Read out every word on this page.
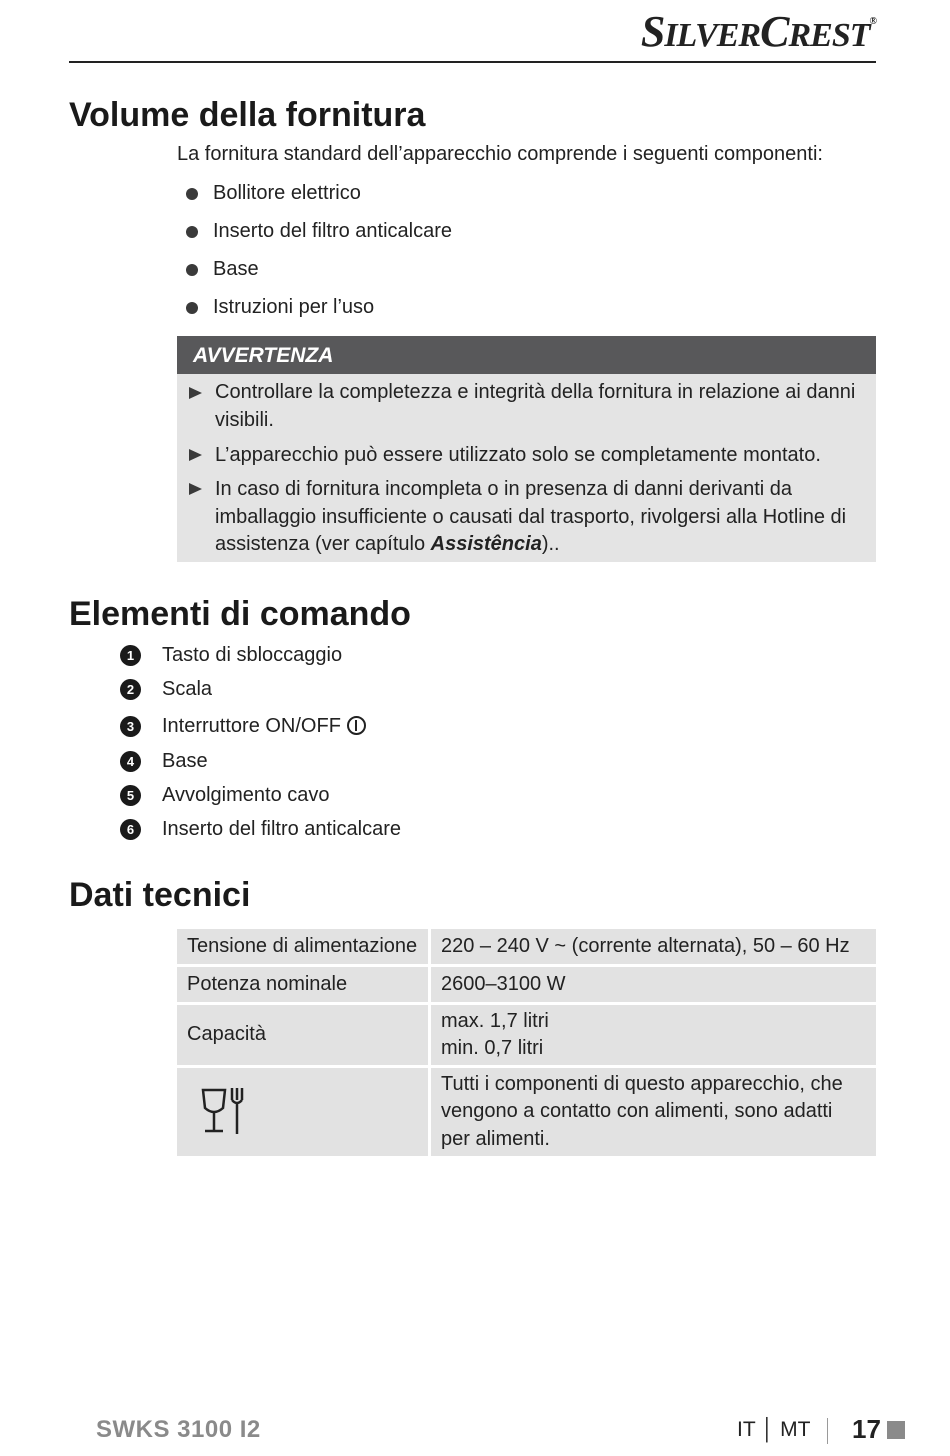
SILVERCREST®
Volume della fornitura
La fornitura standard dell’apparecchio comprende i seguenti componenti:
Bollitore elettrico
Inserto del filtro anticalcare
Base
Istruzioni per l’uso
AVVERTENZA
Controllare la completezza e integrità della fornitura in relazione ai danni visibili.
L’apparecchio può essere utilizzato solo se completamente montato.
In caso di fornitura incompleta o in presenza di danni derivanti da imballaggio insufficiente o causati dal trasporto, rivolgersi alla Hotline di assistenza (ver capítulo Assistência)..
Elementi di comando
1	Tasto di sbloccaggio
2	Scala
3	Interruttore ON/OFF
4	Base
5	Avvolgimento cavo
6	Inserto del filtro anticalcare
Dati tecnici
Tensione di alimentazione	220 – 240 V ~ (corrente alternata), 50 – 60 Hz
Potenza nominale	2600–3100 W
Capacità	max. 1,7 litri
min. 0,7 litri

	Tutti i componenti di questo apparecchio, che vengono a contatto con alimenti, sono adatti per alimenti.
SWKS 3100 I2	IT │ MT 17
